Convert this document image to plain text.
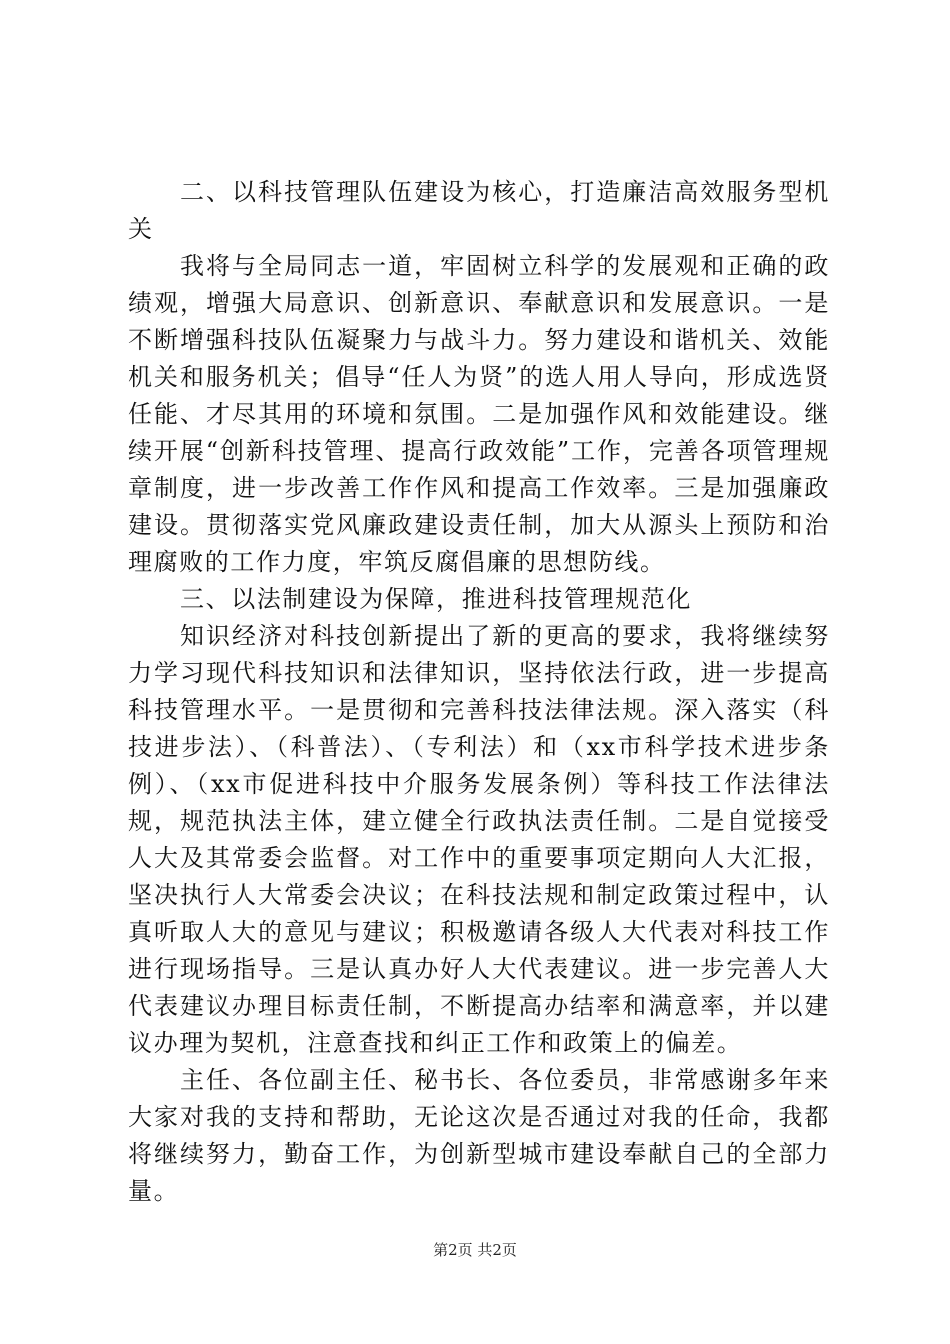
二、以科技管理队伍建设为核心，打造廉洁高效服务型机关

我将与全局同志一道，牢固树立科学的发展观和正确的政绩观，增强大局意识、创新意识、奉献意识和发展意识。一是不断增强科技队伍凝聚力与战斗力。努力建设和谐机关、效能机关和服务机关；倡导“任人为贤”的选人用人导向，形成选贤任能、才尽其用的环境和氛围。二是加强作风和效能建设。继续开展“创新科技管理、提高行政效能”工作，完善各项管理规章制度，进一步改善工作作风和提高工作效率。三是加强廉政建设。贯彻落实党风廉政建设责任制，加大从源头上预防和治理腐败的工作力度，牢筑反腐倡廉的思想防线。

三、以法制建设为保障，推进科技管理规范化

知识经济对科技创新提出了新的更高的要求，我将继续努力学习现代科技知识和法律知识，坚持依法行政，进一步提高科技管理水平。一是贯彻和完善科技法律法规。深入落实（科技进步法）、（科普法）、（专利法）和（xx市科学技术进步条例）、（xx市促进科技中介服务发展条例）等科技工作法律法规，规范执法主体，建立健全行政执法责任制。二是自觉接受人大及其常委会监督。对工作中的重要事项定期向人大汇报，坚决执行人大常委会决议；在科技法规和制定政策过程中，认真听取人大的意见与建议；积极邀请各级人大代表对科技工作进行现场指导。三是认真办好人大代表建议。进一步完善人大代表建议办理目标责任制，不断提高办结率和满意率，并以建议办理为契机，注意查找和纠正工作和政策上的偏差。

主任、各位副主任、秘书长、各位委员，非常感谢多年来大家对我的支持和帮助，无论这次是否通过对我的任命，我都将继续努力，勤奋工作，为创新型城市建设奉献自己的全部力量。

第2页 共2页
